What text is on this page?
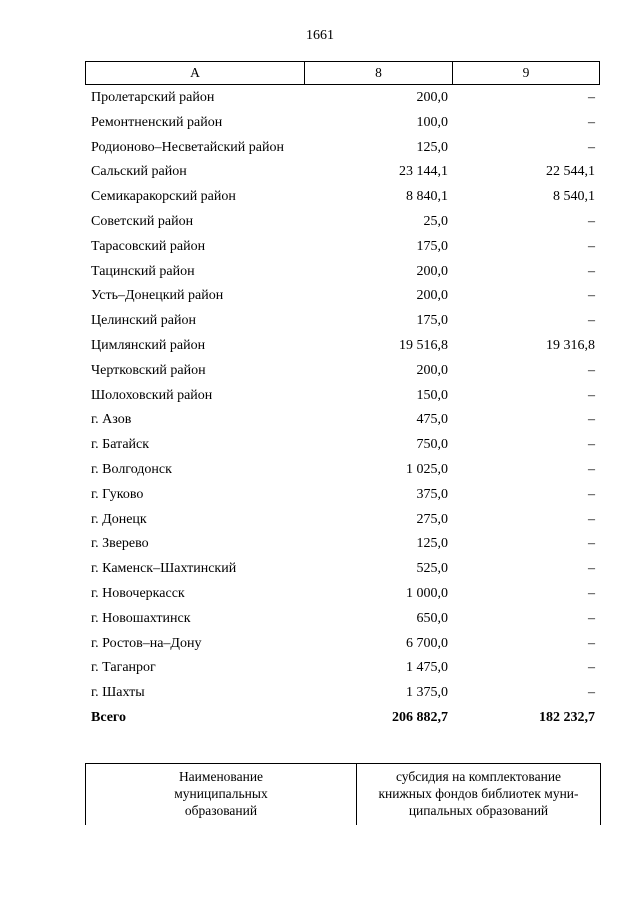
1661
А	8	9
Пролетарский район	200,0	–
Ремонтненский район	100,0	–
Родионово–Несветайский район	125,0	–
Сальский район	23 144,1	22 544,1
Семикаракорский район	8 840,1	8 540,1
Советский район	25,0	–
Тарасовский район	175,0	–
Тацинский район	200,0	–
Усть–Донецкий район	200,0	–
Целинский район	175,0	–
Цимлянский район	19 516,8	19 316,8
Чертковский район	200,0	–
Шолоховский район	150,0	–
г. Азов	475,0	–
г. Батайск	750,0	–
г. Волгодонск	1 025,0	–
г. Гуково	375,0	–
г. Донецк	275,0	–
г. Зверево	125,0	–
г. Каменск–Шахтинский	525,0	–
г. Новочеркасск	1 000,0	–
г. Новошахтинск	650,0	–
г. Ростов–на–Дону	6 700,0	–
г. Таганрог	1 475,0	–
г. Шахты	1 375,0	–
Всего	206 882,7	182 232,7
Наименование
муниципальных
образований

субсидия на комплектование
книжных фондов библиотек муни-
ципальных образований
